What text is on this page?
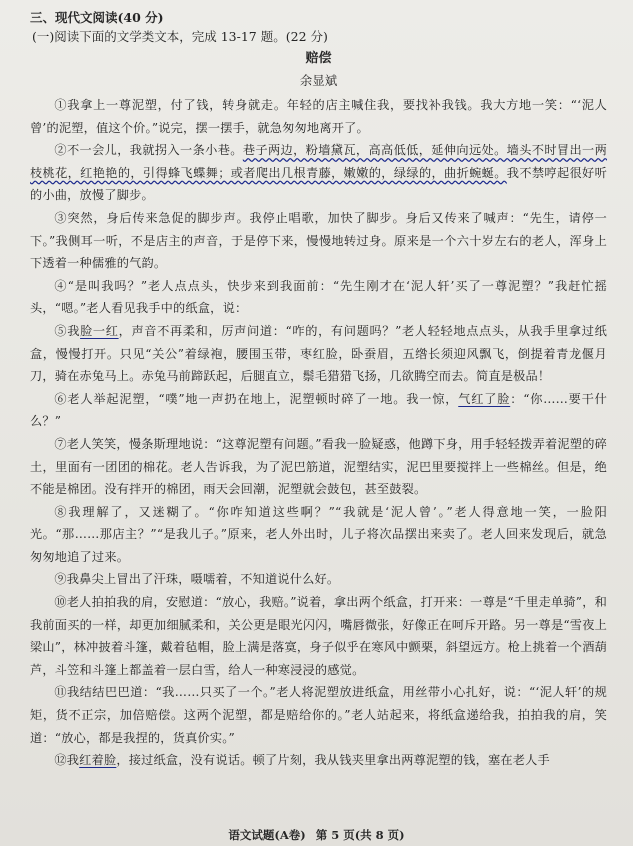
三、现代文阅读(40 分)

(一)阅读下面的文学类文本，完成 13-17 题。(22 分)

赔偿

余显斌

①我拿上一尊泥塑，付了钱，转身就走。年轻的店主喊住我，要找补我钱。我大方地一笑：“‘泥人曾’的泥塑，值这个价。”说完，摆一摆手，就急匆匆地离开了。

②不一会儿，我就拐入一条小巷。巷子两边，粉墙黛瓦，高高低低，延伸向远处。墙头不时冒出一两枝桃花，红艳艳的，引得蜂飞蝶舞；或者爬出几根青藤，嫩嫩的，绿绿的，曲折蜿蜒。我不禁哼起很好听的小曲，放慢了脚步。

③突然，身后传来急促的脚步声。我停止唱歌，加快了脚步。身后又传来了喊声：“先生，请停一下。”我侧耳一听，不是店主的声音，于是停下来，慢慢地转过身。原来是一个六十岁左右的老人，浑身上下透着一种儒雅的气韵。

④“是叫我吗？”老人点点头，快步来到我面前：“先生刚才在‘泥人轩’买了一尊泥塑？”我赶忙摇头，“嗯。”老人看见我手中的纸盒，说：

⑤我脸一红，声音不再柔和，厉声问道：“咋的，有问题吗？”老人轻轻地点点头，从我手里拿过纸盒，慢慢打开。只见“关公”着绿袍，腰围玉带，枣红脸，卧蚕眉，五绺长须迎风飘飞，倒提着青龙偃月刀，骑在赤兔马上。赤兔马前蹄跃起，后腿直立，鬃毛猎猎飞扬，几欲腾空而去。简直是极品！

⑥老人举起泥塑，“噗”地一声扔在地上，泥塑顿时碎了一地。我一惊，气红了脸：“你……要干什么？”

⑦老人笑笑，慢条斯理地说：“这尊泥塑有问题。”看我一脸疑惑，他蹲下身，用手轻轻拨弄着泥塑的碎土，里面有一团团的棉花。老人告诉我，为了泥巴筋道，泥塑结实，泥巴里要搅拌上一些棉丝。但是，绝不能是棉团。没有拌开的棉团，雨天会回潮，泥塑就会鼓包，甚至鼓裂。

⑧我理解了，又迷糊了。“你咋知道这些啊？”“我就是‘泥人曾’。”老人得意地一笑，一脸阳光。“那……那店主？”“是我儿子。”原来，老人外出时，儿子将次品摆出来卖了。老人回来发现后，就急匆匆地追了过来。

⑨我鼻尖上冒出了汗珠，嗫嚅着，不知道说什么好。

⑩老人拍拍我的肩，安慰道：“放心，我赔。”说着，拿出两个纸盒，打开来：一尊是“千里走单骑”，和我前面买的一样，却更加细腻柔和，关公更是眼光闪闪，嘴唇微张，好像正在呵斥开路。另一尊是“雪夜上梁山”，林冲披着斗篷，戴着毡帽，脸上满是落寞，身子似乎在寒风中颤栗，斜望远方。枪上挑着一个酒葫芦，斗笠和斗篷上都盖着一层白雪，给人一种寒浸浸的感觉。

⑪我结结巴巴道：“我……只买了一个。”老人将泥塑放进纸盒，用丝带小心扎好，说：“‘泥人轩’的规矩，货不正宗，加倍赔偿。这两个泥塑，都是赔给你的。”老人站起来，将纸盒递给我，拍拍我的肩，笑道：“放心，都是我捏的，货真价实。”

⑫我红着脸，接过纸盒，没有说话。顿了片刻，我从钱夹里拿出两尊泥塑的钱，塞在老人手

语文试题(A卷) 第 5 页(共 8 页)
